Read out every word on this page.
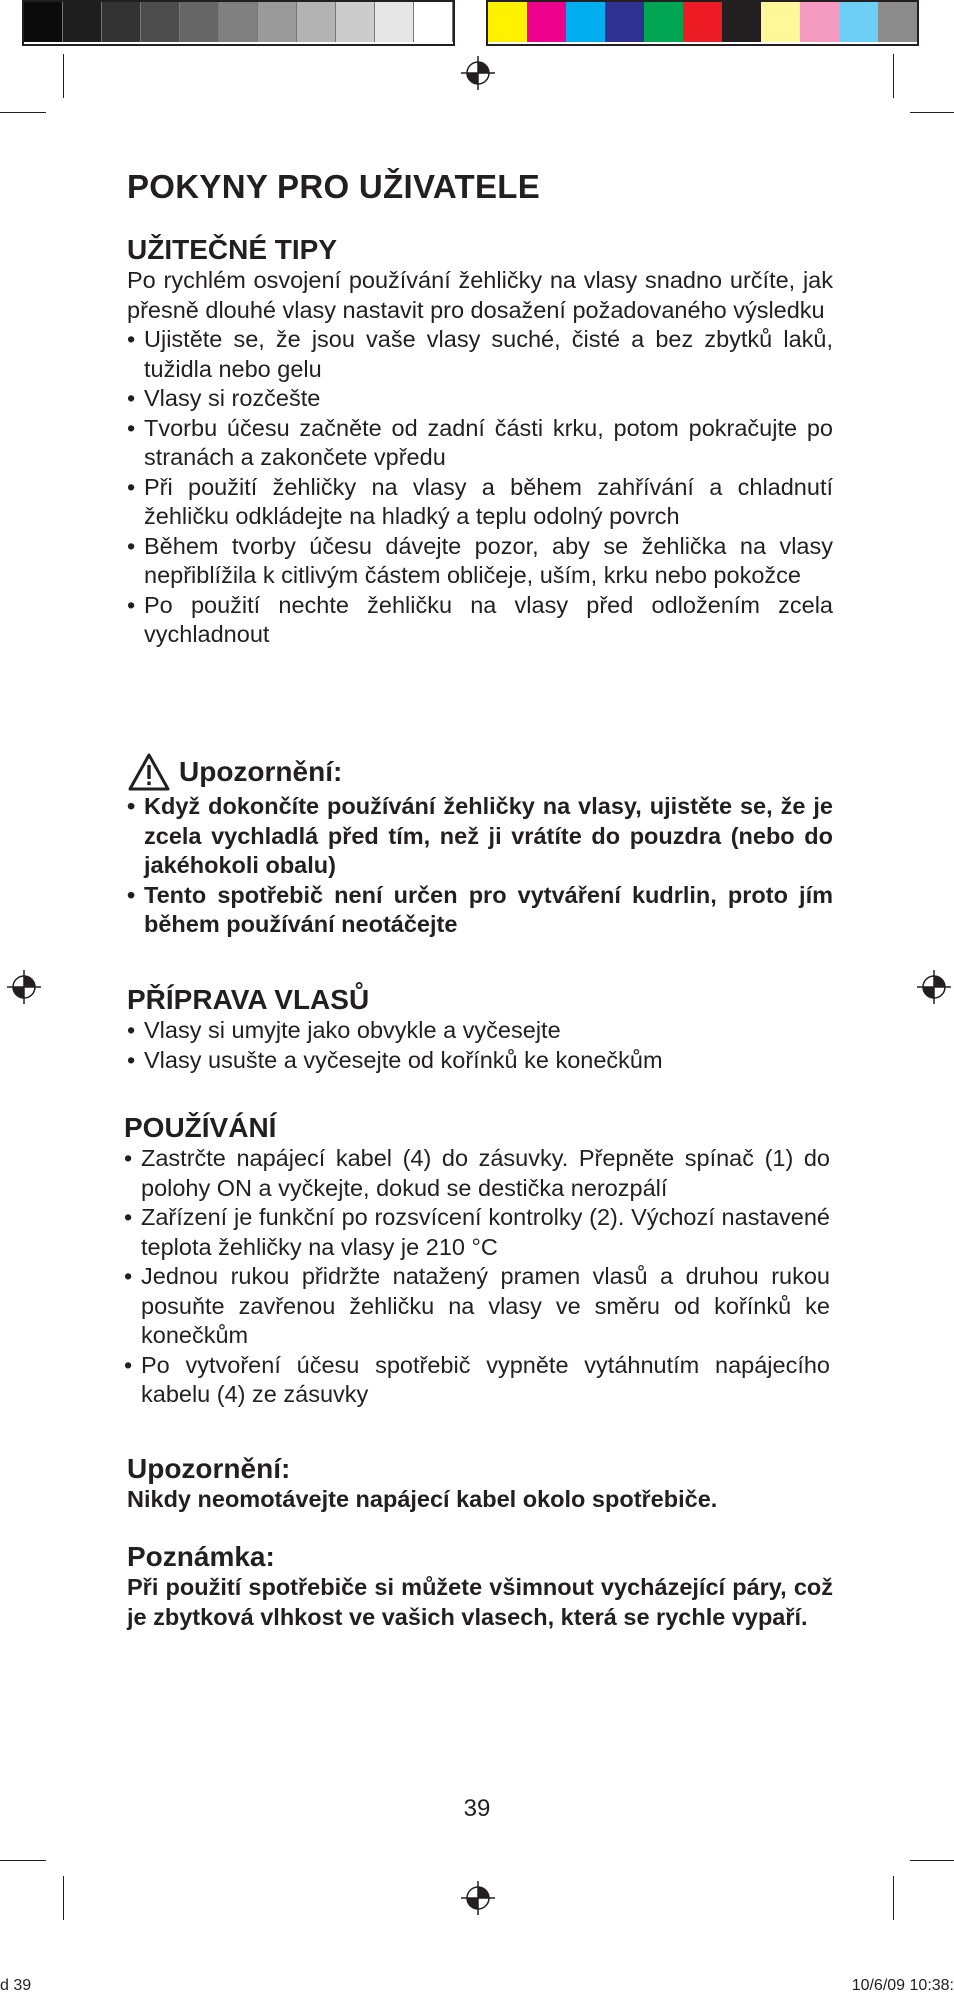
POKYNY PRO UŽIVATELE
UŽITEČNÉ TIPY

Po rychlém osvojení používání žehličky na vlasy snadno určíte, jak přesně dlouhé vlasy nastavit pro dosažení požadovaného výsledku

• Ujistěte se, že jsou vaše vlasy suché, čisté a bez zbytků laků, tužidla nebo gelu
• Vlasy si rozčešte
• Tvorbu účesu začněte od zadní části krku, potom pokračujte po stranách a zakončete vpředu
• Při použití žehličky na vlasy a během zahřívání a chladnutí žehličku odkládejte na hladký a teplu odolný povrch
• Během tvorby účesu dávejte pozor, aby se žehlička na vlasy nepřiblížila k citlivým částem obličeje, uším, krku nebo pokožce
• Po použití nechte žehličku na vlasy před odložením zcela vychladnout
Upozornění:
• Když dokončíte používání žehličky na vlasy, ujistěte se, že je zcela vychladlá před tím, než ji vrátíte do pouzdra (nebo do jakéhokoli obalu)
• Tento spotřebič není určen pro vytváření kudrlin, proto jím během používání neotáčejte
PŘÍPRAVA VLASŮ
• Vlasy si umyjte jako obvykle a vyčesejte
• Vlasy usušte a vyčesejte od kořínků ke konečkům
POUŽÍVÁNÍ
• Zastrčte napájecí kabel (4) do zásuvky. Přepněte spínač (1) do polohy ON a vyčkejte, dokud se destička nerozpálí
• Zařízení je funkční po rozsvícení kontrolky (2). Výchozí nastavené teplota žehličky na vlasy je 210 °C
• Jednou rukou přidržte natažený pramen vlasů a druhou rukou posuňte zavřenou žehličku na vlasy ve směru od kořínků ke konečkům
• Po vytvoření účesu spotřebič vypněte vytáhnutím napájecího kabelu (4) ze zásuvky
Upozornění:

Nikdy neomotávejte napájecí kabel okolo spotřebiče.

Poznámka:

Při použití spotřebiče si můžete všimnout vycházející páry, což je zbytková vlhkost ve vašich vlasech, která se rychle vypaří.

39
d 39	10/6/09 10:38:
